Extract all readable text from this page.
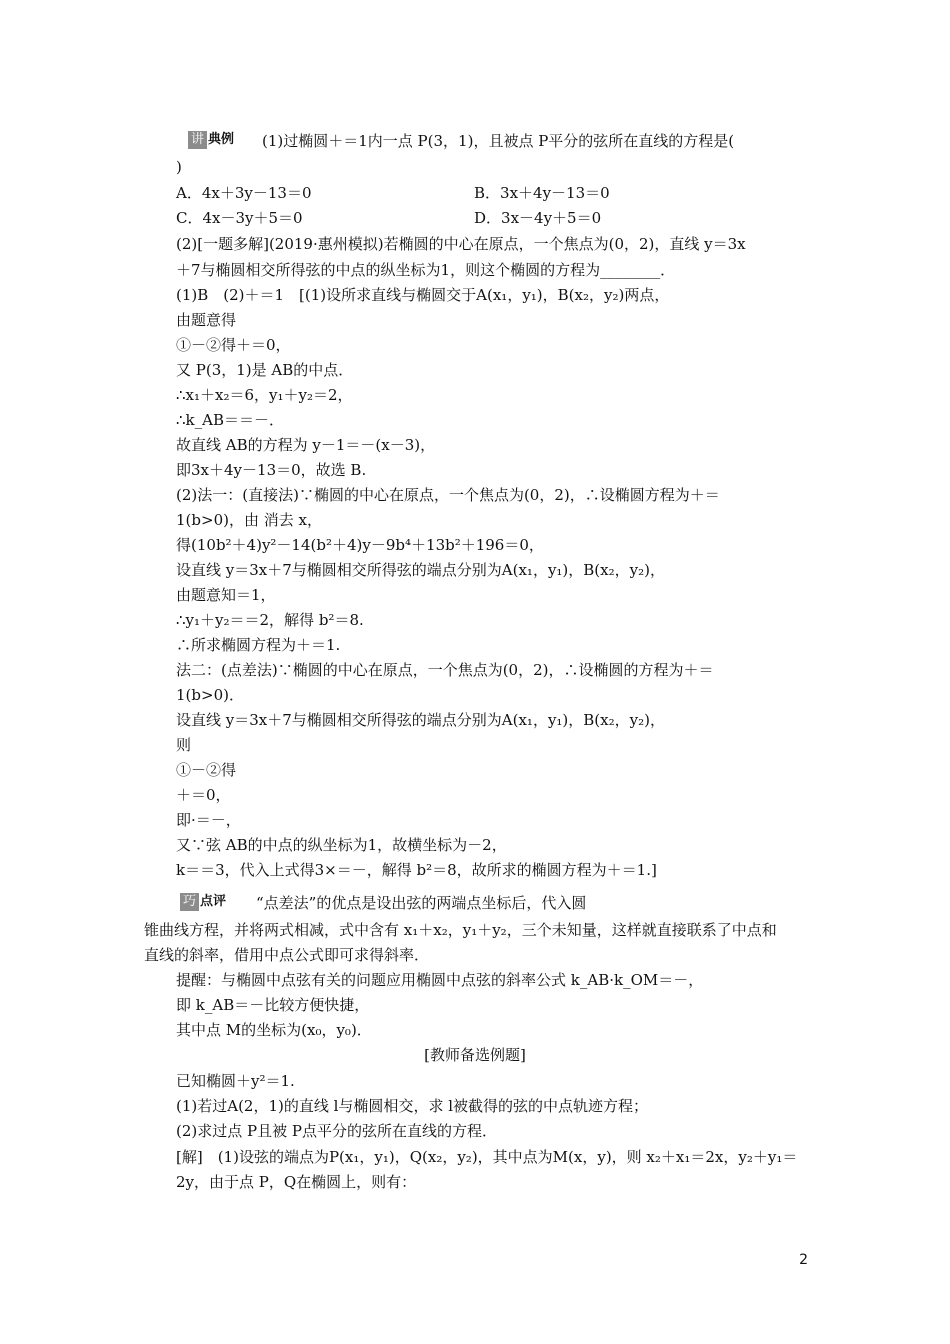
讲 典例 (1)过椭圆＋＝1内一点 P(3，1)，且被点 P平分的弦所在直线的方程是(
)
A．4x＋3y－13＝0	B．3x＋4y－13＝0
C．4x－3y＋5＝0	D．3x－4y＋5＝0
(2)[一题多解](2019·惠州模拟)若椭圆的中心在原点，一个焦点为(0，2)，直线 y＝3x
＋7与椭圆相交所得弦的中点的纵坐标为1，则这个椭圆的方程为________．
(1)B　(2)＋＝1　[(1)设所求直线与椭圆交于A(x₁，y₁)，B(x₂，y₂)两点，
由题意得
①－②得＋＝0，
又 P(3，1)是 AB的中点．
∴x₁＋x₂＝6，y₁＋y₂＝2，
∴k_AB＝＝－．
故直线 AB的方程为 y－1＝－(x－3)，
即3x＋4y－13＝0，故选 B.
(2)法一：(直接法)∵椭圆的中心在原点，一个焦点为(0，2)，∴设椭圆方程为＋＝
1(b>0)，由 消去 x，
得(10b²＋4)y²－14(b²＋4)y－9b⁴＋13b²＋196＝0，
设直线 y＝3x＋7与椭圆相交所得弦的端点分别为A(x₁，y₁)，B(x₂，y₂)，
由题意知＝1，
∴y₁＋y₂＝＝2，解得 b²＝8.
∴所求椭圆方程为＋＝1.
法二：(点差法)∵椭圆的中心在原点，一个焦点为(0，2)，∴设椭圆的方程为＋＝
1(b>0)．
设直线 y＝3x＋7与椭圆相交所得弦的端点分别为A(x₁，y₁)，B(x₂，y₂)，
则
①－②得
＋＝0，
即·＝－，
又∵弦 AB的中点的纵坐标为1，故横坐标为－2，
k＝＝3，代入上式得3×＝－，解得 b²＝8，故所求的椭圆方程为＋＝1.]
巧 点评 “点差法”的优点是设出弦的两端点坐标后，代入圆
锥曲线方程，并将两式相减，式中含有 x₁＋x₂，y₁＋y₂，三个未知量，这样就直接联系了中点和
直线的斜率，借用中点公式即可求得斜率．
提醒：与椭圆中点弦有关的问题应用椭圆中点弦的斜率公式 k_AB·k_OM＝－，
即 k_AB＝－比较方便快捷，
其中点 M的坐标为(x₀，y₀)．
[教师备选例题]
已知椭圆＋y²＝1.
(1)若过A(2，1)的直线 l与椭圆相交，求 l被截得的弦的中点轨迹方程；
(2)求过点 P且被 P点平分的弦所在直线的方程．
[解]　(1)设弦的端点为P(x₁，y₁)，Q(x₂，y₂)，其中点为M(x，y)，则 x₂＋x₁＝2x，y₂＋y₁＝
2y，由于点 P，Q在椭圆上，则有：
2
